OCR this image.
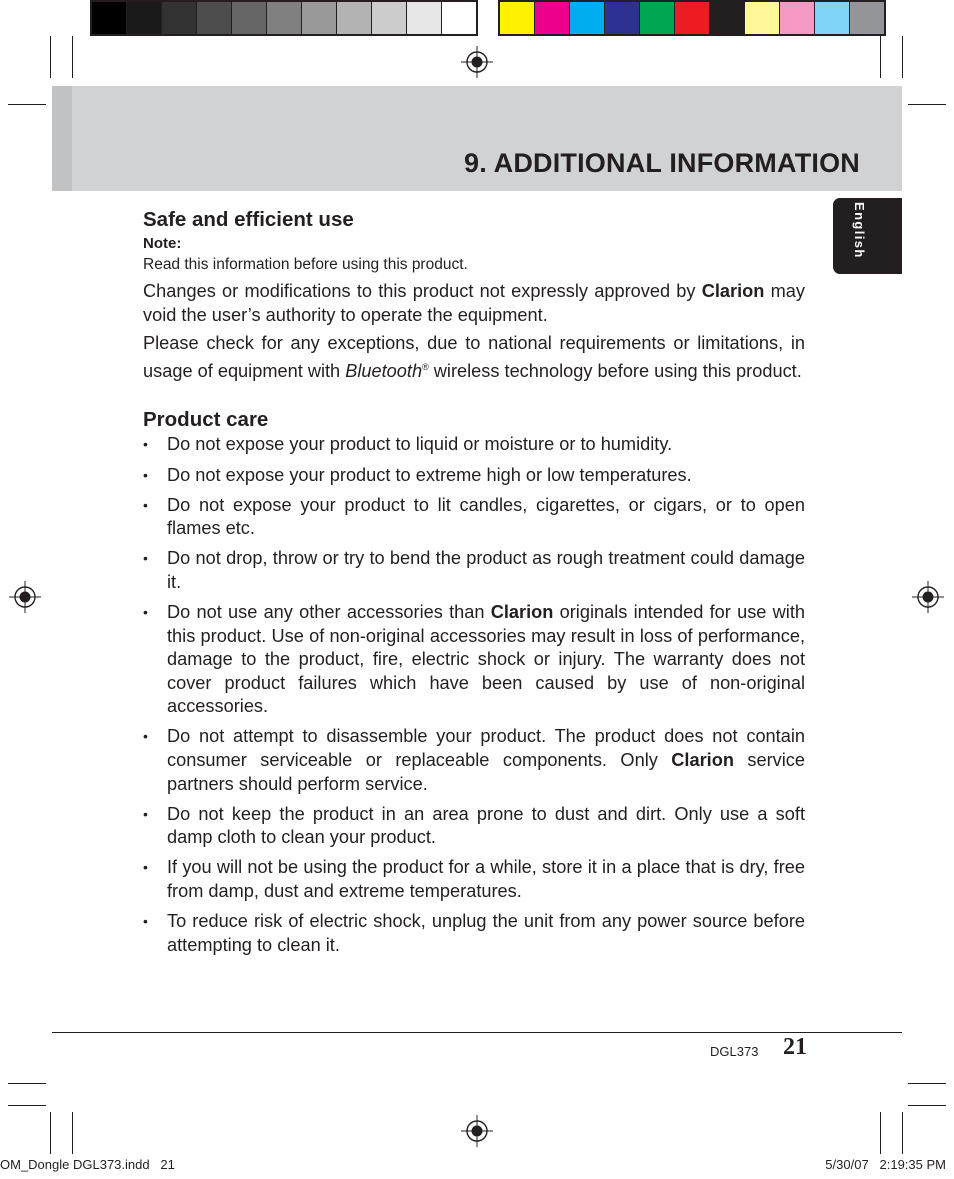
9. ADDITIONAL INFORMATION
English
Safe and efficient use
Note:
Read this information before using this product.

Changes or modifications to this product not expressly approved by Clarion may void the user’s authority to operate the equipment.

Please check for any exceptions, due to national requirements or limitations, in usage of equipment with Bluetooth® wireless technology before using this product.

Product care
• Do not expose your product to liquid or moisture or to humidity.
• Do not expose your product to extreme high or low temperatures.
• Do not expose your product to lit candles, cigarettes, or cigars, or to open flames etc.
• Do not drop, throw or try to bend the product as rough treatment could damage it.
• Do not use any other accessories than Clarion originals intended for use with this product. Use of non-original accessories may result in loss of performance, damage to the product, fire, electric shock or injury. The warranty does not cover product failures which have been caused by use of non-original accessories.
• Do not attempt to disassemble your product. The product does not contain consumer serviceable or replaceable components. Only Clarion service partners should perform service.
• Do not keep the product in an area prone to dust and dirt. Only use a soft damp cloth to clean your product.
• If you will not be using the product for a while, store it in a place that is dry, free from damp, dust and extreme temperatures.
• To reduce risk of electric shock, unplug the unit from any power source before attempting to clean it.
DGL373 21
OM_Dongle DGL373.indd   21	5/30/07   2:19:35 PM
